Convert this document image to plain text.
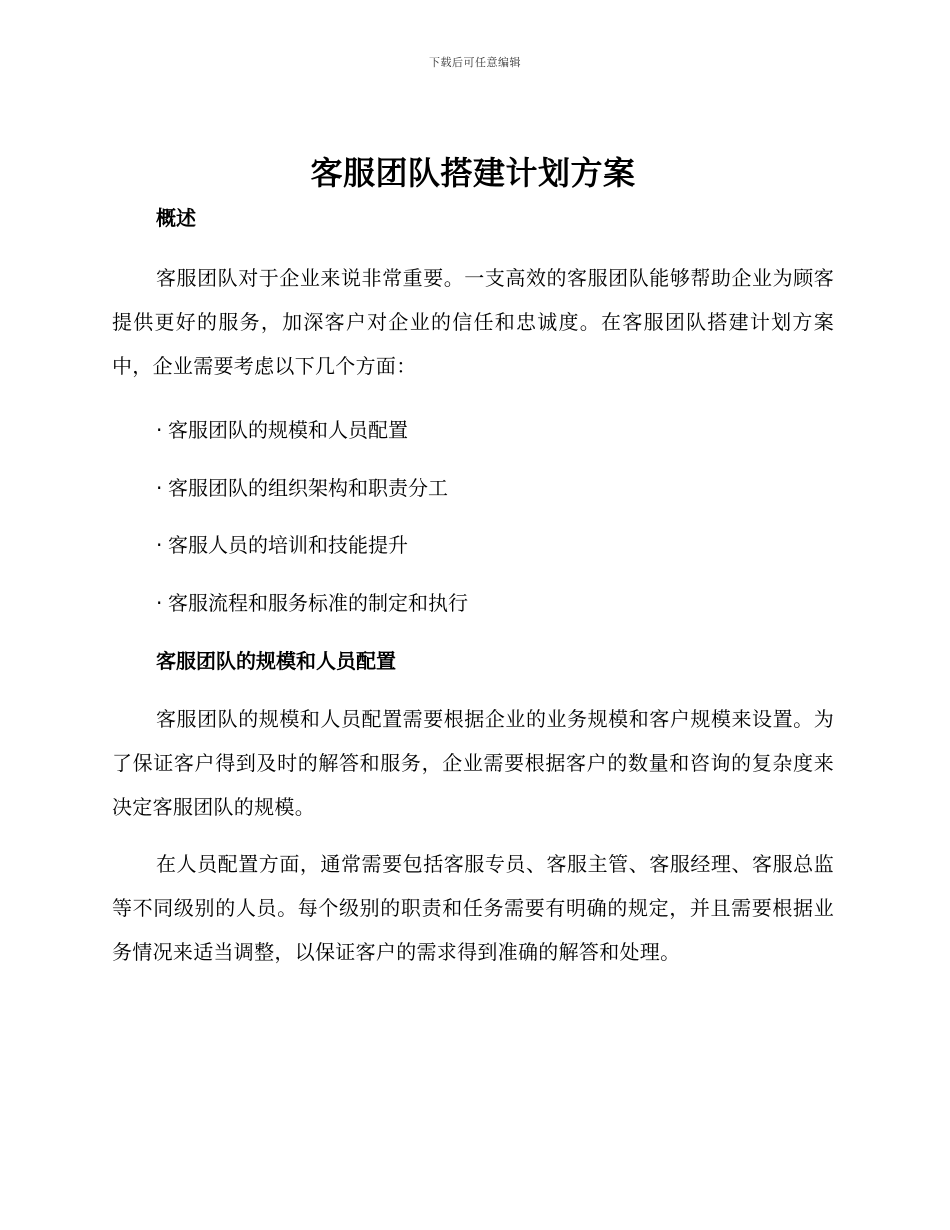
下载后可任意编辑
客服团队搭建计划方案
概述

客服团队对于企业来说非常重要。一支高效的客服团队能够帮助企业为顾客提供更好的服务，加深客户对企业的信任和忠诚度。在客服团队搭建计划方案中，企业需要考虑以下几个方面：

· 客服团队的规模和人员配置
· 客服团队的组织架构和职责分工
· 客服人员的培训和技能提升
· 客服流程和服务标准的制定和执行
客服团队的规模和人员配置

客服团队的规模和人员配置需要根据企业的业务规模和客户规模来设置。为了保证客户得到及时的解答和服务，企业需要根据客户的数量和咨询的复杂度来决定客服团队的规模。

在人员配置方面，通常需要包括客服专员、客服主管、客服经理、客服总监等不同级别的人员。每个级别的职责和任务需要有明确的规定，并且需要根据业务情况来适当调整，以保证客户的需求得到准确的解答和处理。
